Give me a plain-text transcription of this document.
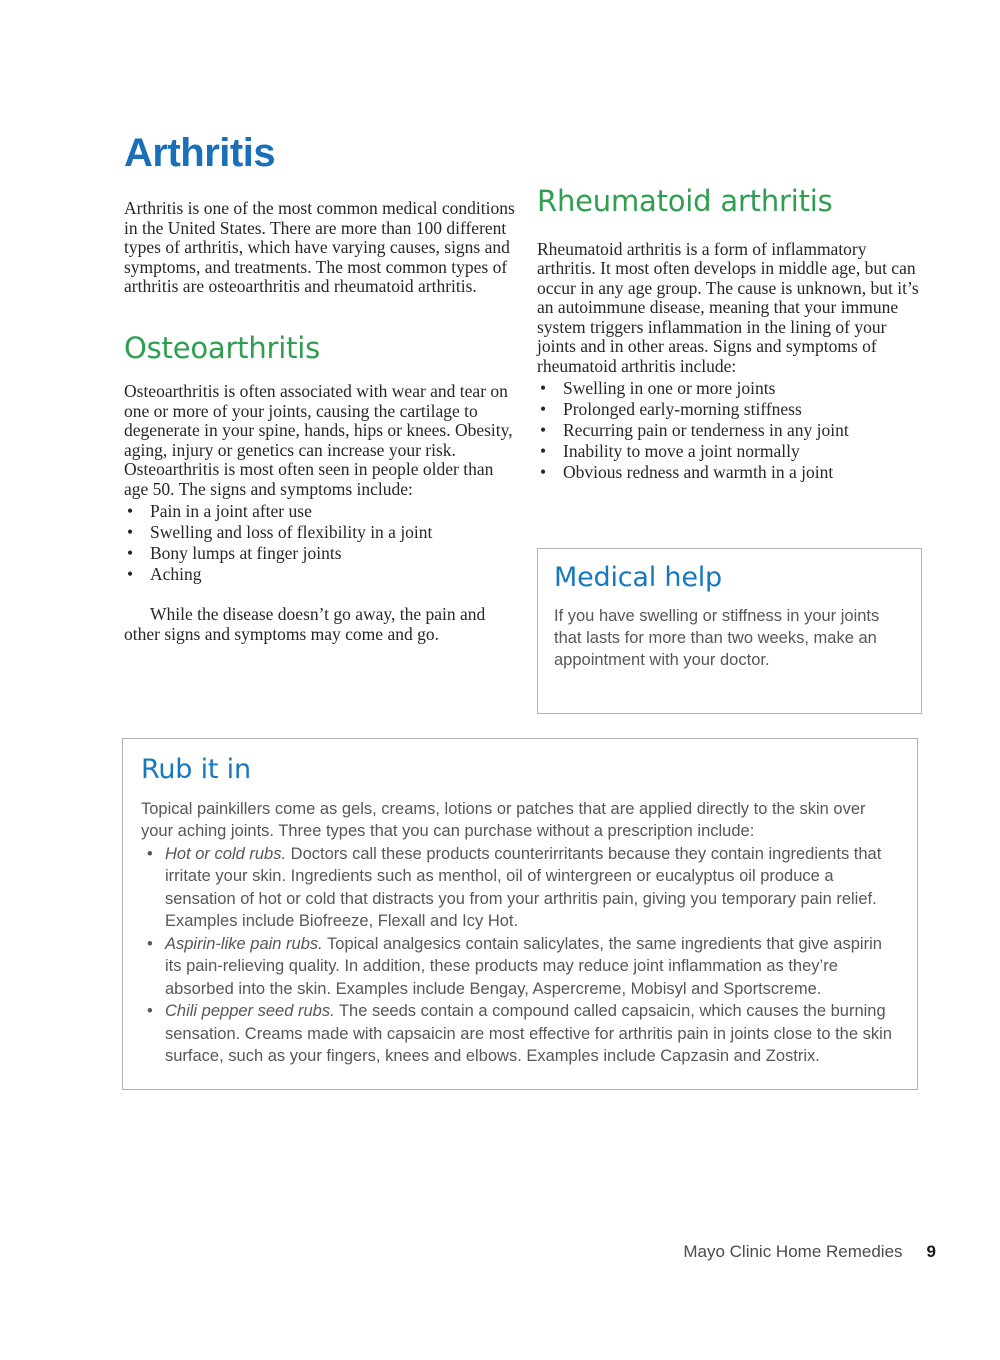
Arthritis

Arthritis is one of the most common medical conditions in the United States. There are more than 100 different types of arthritis, which have varying causes, signs and symptoms, and treatments. The most common types of arthritis are osteoarthritis and rheumatoid arthritis.

Osteoarthritis

Osteoarthritis is often associated with wear and tear on one or more of your joints, causing the cartilage to degenerate in your spine, hands, hips or knees. Obesity, aging, injury or genetics can increase your risk. Osteoarthritis is most often seen in people older than age 50. The signs and symptoms include:

• Pain in a joint after use
• Swelling and loss of flexibility in a joint
• Bony lumps at finger joints
• Aching

While the disease doesn’t go away, the pain and other signs and symptoms may come and go.

Rheumatoid arthritis

Rheumatoid arthritis is a form of inflammatory arthritis. It most often develops in middle age, but can occur in any age group. The cause is unknown, but it’s an autoimmune disease, meaning that your immune system triggers inflammation in the lining of your joints and in other areas. Signs and symptoms of rheumatoid arthritis include:

• Swelling in one or more joints
• Prolonged early-morning stiffness
• Recurring pain or tenderness in any joint
• Inability to move a joint normally
• Obvious redness and warmth in a joint
Medical help

If you have swelling or stiffness in your joints that lasts for more than two weeks, make an appointment with your doctor.

Rub it in

Topical painkillers come as gels, creams, lotions or patches that are applied directly to the skin over your aching joints. Three types that you can purchase without a prescription include:

• Hot or cold rubs. Doctors call these products counterirritants because they contain ingredients that irritate your skin. Ingredients such as menthol, oil of wintergreen or eucalyptus oil produce a sensation of hot or cold that distracts you from your arthritis pain, giving you temporary pain relief. Examples include Biofreeze, Flexall and Icy Hot.
• Aspirin-like pain rubs. Topical analgesics contain salicylates, the same ingredients that give aspirin its pain-relieving quality. In addition, these products may reduce joint inflammation as they’re absorbed into the skin. Examples include Bengay, Aspercreme, Mobisyl and Sportscreme.
• Chili pepper seed rubs. The seeds contain a compound called capsaicin, which causes the burning sensation. Creams made with capsaicin are most effective for arthritis pain in joints close to the skin surface, such as your fingers, knees and elbows. Examples include Capzasin and Zostrix.
Mayo Clinic Home Remedies 9
